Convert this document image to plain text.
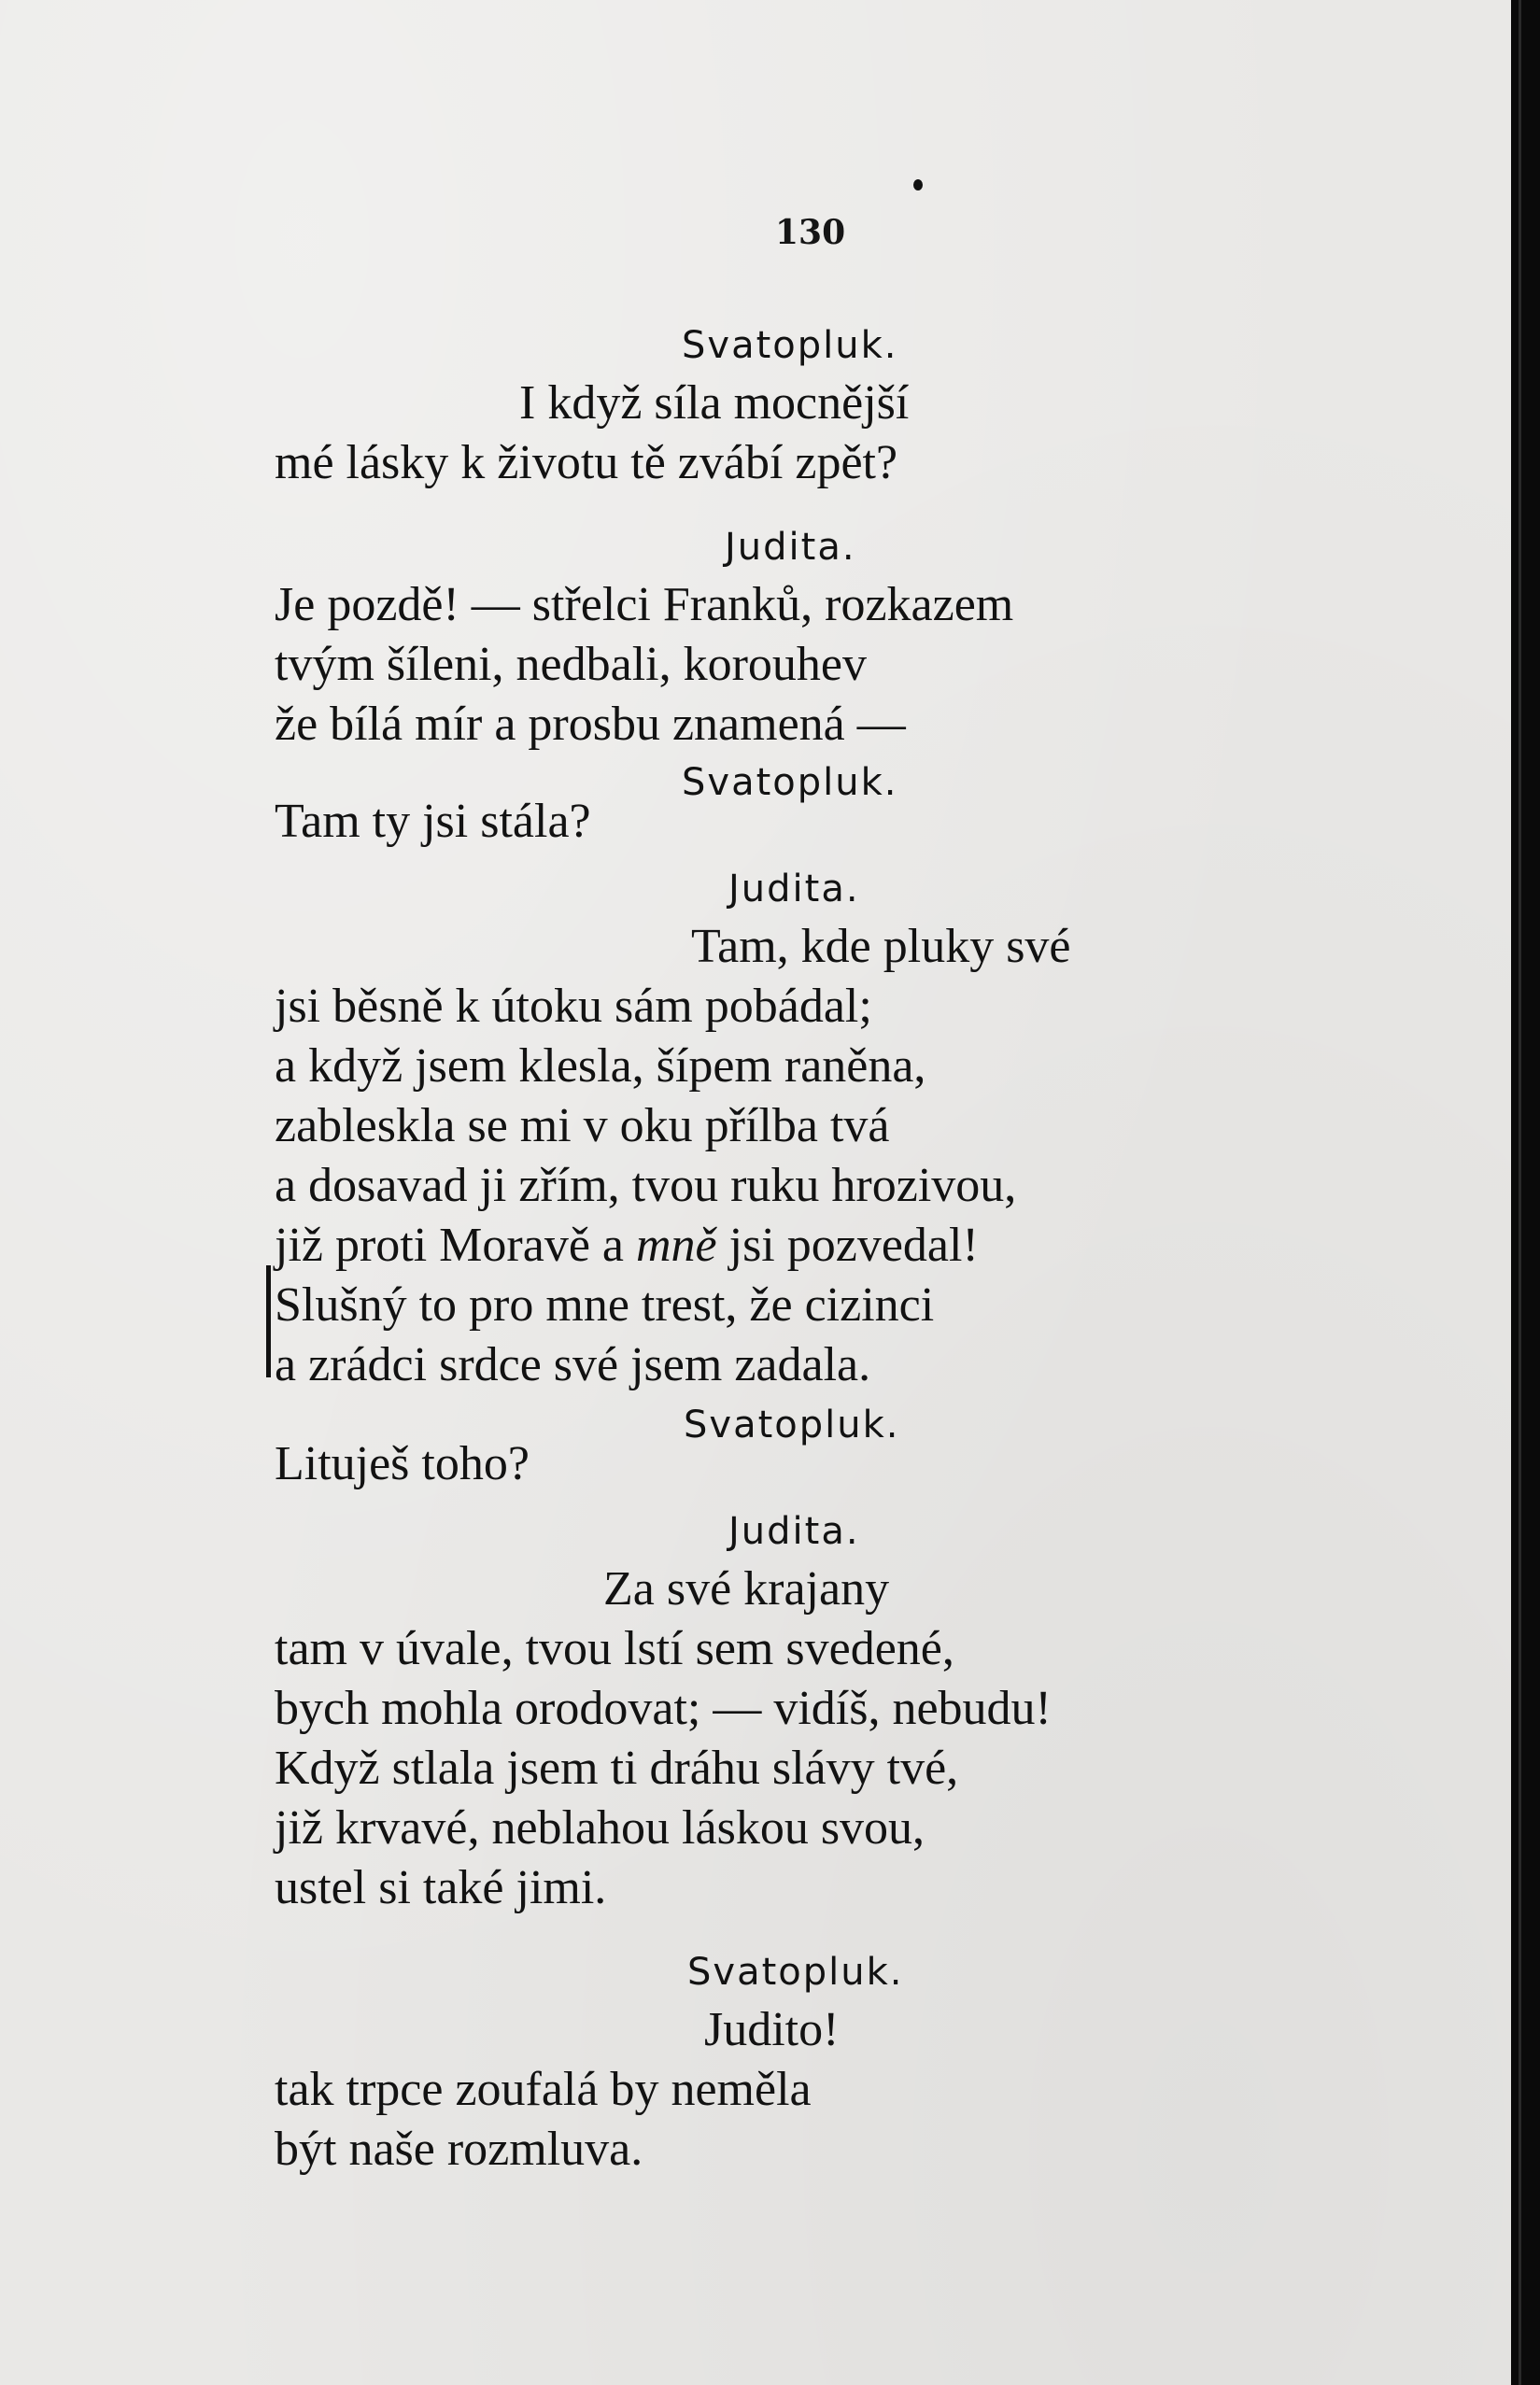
130
Svatopluk.
I když síla mocnější
mé lásky k životu tě zvábí zpět?
Judita.
Je pozdě! — střelci Franků, rozkazem
tvým šíleni, nedbali, korouhev
že bílá mír a prosbu znamená —
Svatopluk.
Tam ty jsi stála?
Judita.
Tam, kde pluky své
jsi běsně k útoku sám pobádal;
a když jsem klesla, šípem raněna,
zableskla se mi v oku přílba tvá
a dosavad ji zřím, tvou ruku hrozivou,
již proti Moravě a mně jsi pozvedal!
Slušný to pro mne trest, že cizinci
a zrádci srdce své jsem zadala.
Svatopluk.
Lituješ toho?
Judita.
Za své krajany
tam v úvale, tvou lstí sem svedené,
bych mohla orodovat; — vidíš, nebudu!
Když stlala jsem ti dráhu slávy tvé,
již krvavé, neblahou láskou svou,
ustel si také jimi.
Svatopluk.
Judito!
tak trpce zoufalá by neměla
být naše rozmluva.
